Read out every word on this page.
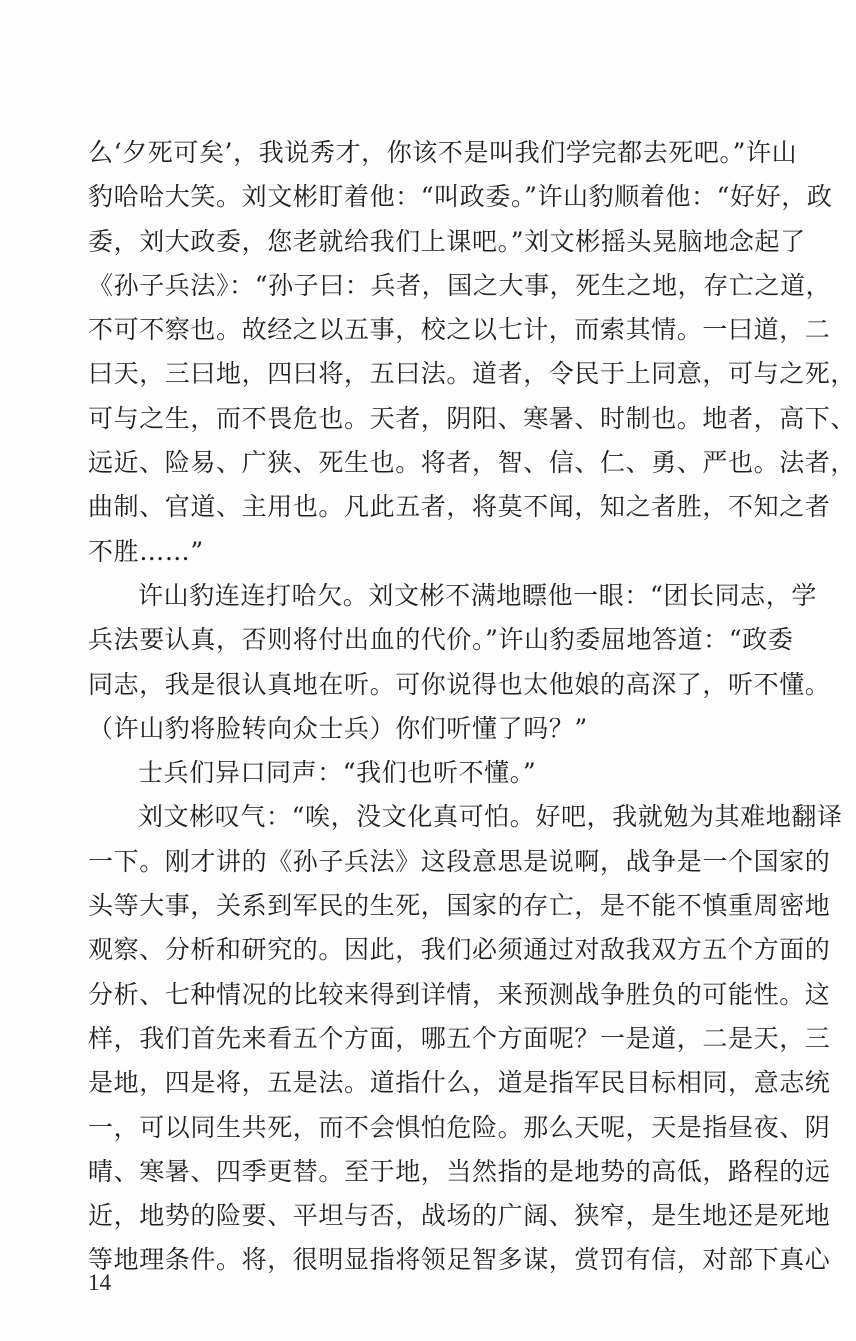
么‘夕死可矣’，我说秀才，你该不是叫我们学完都去死吧。”许山
豹哈哈大笑。刘文彬盯着他：“叫政委。”许山豹顺着他：“好好，政
委，刘大政委，您老就给我们上课吧。”刘文彬摇头晃脑地念起了
《孙子兵法》：“孙子曰：兵者，国之大事，死生之地，存亡之道，
不可不察也。故经之以五事，校之以七计，而索其情。一曰道，二
曰天，三曰地，四曰将，五曰法。道者，令民于上同意，可与之死，
可与之生，而不畏危也。天者，阴阳、寒暑、时制也。地者，高下、
远近、险易、广狭、死生也。将者，智、信、仁、勇、严也。法者，
曲制、官道、主用也。凡此五者，将莫不闻，知之者胜，不知之者
不胜……”
许山豹连连打哈欠。刘文彬不满地瞟他一眼：“团长同志，学
兵法要认真，否则将付出血的代价。”许山豹委屈地答道：“政委
同志，我是很认真地在听。可你说得也太他娘的高深了，听不懂。
（许山豹将脸转向众士兵）你们听懂了吗？”
士兵们异口同声：“我们也听不懂。”
刘文彬叹气：“唉，没文化真可怕。好吧，我就勉为其难地翻译
一下。刚才讲的《孙子兵法》这段意思是说啊，战争是一个国家的
头等大事，关系到军民的生死，国家的存亡，是不能不慎重周密地
观察、分析和研究的。因此，我们必须通过对敌我双方五个方面的
分析、七种情况的比较来得到详情，来预测战争胜负的可能性。这
样，我们首先来看五个方面，哪五个方面呢？一是道，二是天，三
是地，四是将，五是法。道指什么，道是指军民目标相同，意志统
一，可以同生共死，而不会惧怕危险。那么天呢，天是指昼夜、阴
晴、寒暑、四季更替。至于地，当然指的是地势的高低，路程的远
近，地势的险要、平坦与否，战场的广阔、狭窄，是生地还是死地
等地理条件。将，很明显指将领足智多谋，赏罚有信，对部下真心
14
